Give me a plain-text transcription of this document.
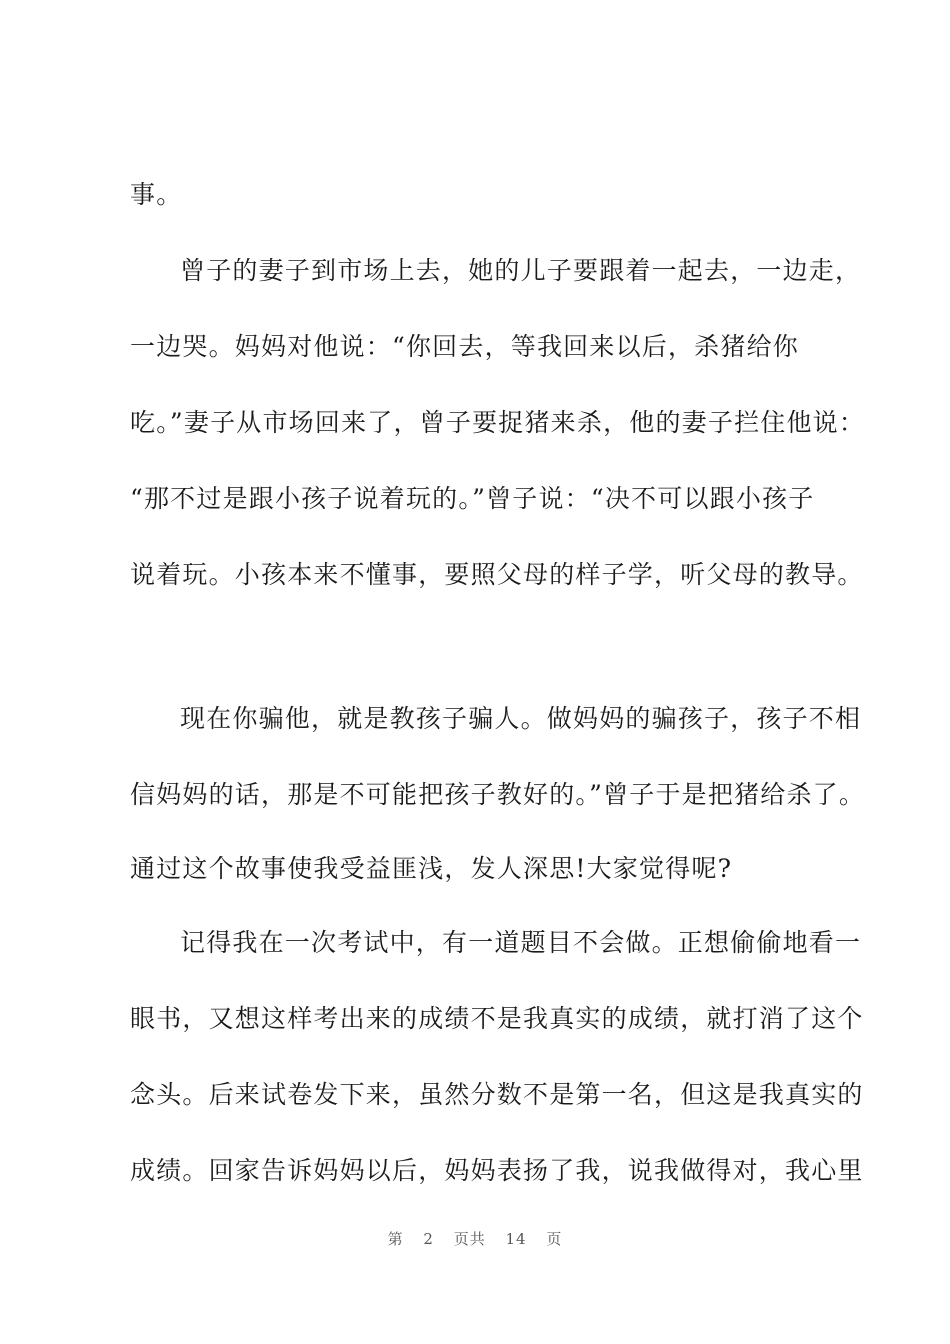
事。
曾子的妻子到市场上去，她的儿子要跟着一起去，一边走，
一边哭。妈妈对他说：“你回去，等我回来以后，杀猪给你
吃。”妻子从市场回来了，曾子要捉猪来杀，他的妻子拦住他说：
“那不过是跟小孩子说着玩的。”曾子说：“决不可以跟小孩子
说着玩。小孩本来不懂事，要照父母的样子学，听父母的教导。
现在你骗他，就是教孩子骗人。做妈妈的骗孩子，孩子不相
信妈妈的话，那是不可能把孩子教好的。”曾子于是把猪给杀了。
通过这个故事使我受益匪浅，发人深思!大家觉得呢?
记得我在一次考试中，有一道题目不会做。正想偷偷地看一
眼书，又想这样考出来的成绩不是我真实的成绩，就打消了这个
念头。后来试卷发下来，虽然分数不是第一名，但这是我真实的
成绩。回家告诉妈妈以后，妈妈表扬了我，说我做得对，我心里
第 2 页共 14 页
